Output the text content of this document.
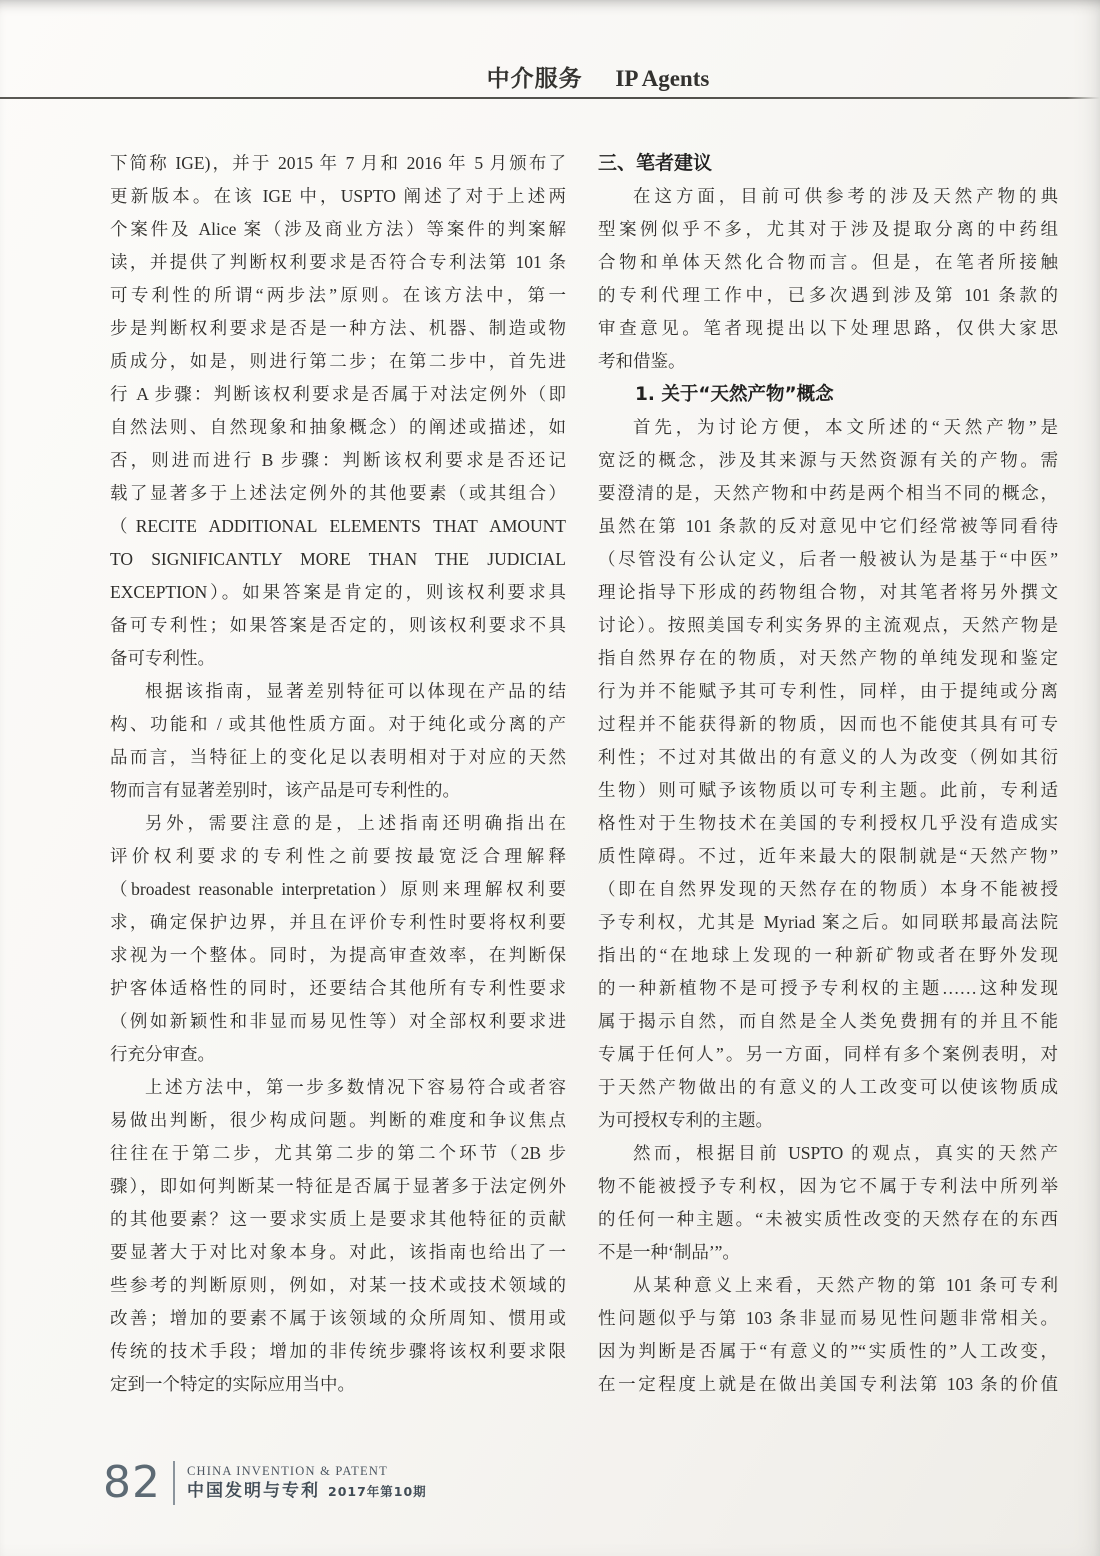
中介服务 IP Agents
下简称 IGE)，并于 2015 年 7 月和 2016 年 5 月颁布了
更新版本。在该 IGE 中，USPTO 阐述了对于上述两
个案件及 Alice 案（涉及商业方法）等案件的判案解
读，并提供了判断权利要求是否符合专利法第 101 条
可专利性的所谓“两步法”原则。在该方法中，第一
步是判断权利要求是否是一种方法、机器、制造或物
质成分，如是，则进行第二步；在第二步中，首先进
行 A 步骤：判断该权利要求是否属于对法定例外（即
自然法则、自然现象和抽象概念）的阐述或描述，如
否，则进而进行 B 步骤：判断该权利要求是否还记
载了显著多于上述法定例外的其他要素（或其组合）
（RECITE ADDITIONAL ELEMENTS THAT AMOUNT
TO SIGNIFICANTLY MORE THAN THE JUDICIAL
EXCEPTION）。如果答案是肯定的，则该权利要求具
备可专利性；如果答案是否定的，则该权利要求不具
备可专利性。
根据该指南，显著差别特征可以体现在产品的结
构、功能和 / 或其他性质方面。对于纯化或分离的产
品而言，当特征上的变化足以表明相对于对应的天然
物而言有显著差别时，该产品是可专利性的。
另外，需要注意的是，上述指南还明确指出在
评价权利要求的专利性之前要按最宽泛合理解释
（broadest reasonable interpretation）原则来理解权利要
求，确定保护边界，并且在评价专利性时要将权利要
求视为一个整体。同时，为提高审查效率，在判断保
护客体适格性的同时，还要结合其他所有专利性要求
（例如新颖性和非显而易见性等）对全部权利要求进
行充分审查。
上述方法中，第一步多数情况下容易符合或者容
易做出判断，很少构成问题。判断的难度和争议焦点
往往在于第二步，尤其第二步的第二个环节（2B 步
骤），即如何判断某一特征是否属于显著多于法定例外
的其他要素？这一要求实质上是要求其他特征的贡献
要显著大于对比对象本身。对此，该指南也给出了一
些参考的判断原则，例如，对某一技术或技术领域的
改善；增加的要素不属于该领域的众所周知、惯用或
传统的技术手段；增加的非传统步骤将该权利要求限
定到一个特定的实际应用当中。
三、笔者建议
在这方面，目前可供参考的涉及天然产物的典
型案例似乎不多，尤其对于涉及提取分离的中药组
合物和单体天然化合物而言。但是，在笔者所接触
的专利代理工作中，已多次遇到涉及第 101 条款的
审查意见。笔者现提出以下处理思路，仅供大家思
考和借鉴。
1. 关于“天然产物”概念
首先，为讨论方便，本文所述的“天然产物”是
宽泛的概念，涉及其来源与天然资源有关的产物。需
要澄清的是，天然产物和中药是两个相当不同的概念，
虽然在第 101 条款的反对意见中它们经常被等同看待
（尽管没有公认定义，后者一般被认为是基于“中医”
理论指导下形成的药物组合物，对其笔者将另外撰文
讨论）。按照美国专利实务界的主流观点，天然产物是
指自然界存在的物质，对天然产物的单纯发现和鉴定
行为并不能赋予其可专利性，同样，由于提纯或分离
过程并不能获得新的物质，因而也不能使其具有可专
利性；不过对其做出的有意义的人为改变（例如其衍
生物）则可赋予该物质以可专利主题。此前，专利适
格性对于生物技术在美国的专利授权几乎没有造成实
质性障碍。不过，近年来最大的限制就是“天然产物”
（即在自然界发现的天然存在的物质）本身不能被授
予专利权，尤其是 Myriad 案之后。如同联邦最高法院
指出的“在地球上发现的一种新矿物或者在野外发现
的一种新植物不是可授予专利权的主题……这种发现
属于揭示自然，而自然是全人类免费拥有的并且不能
专属于任何人”。另一方面，同样有多个案例表明，对
于天然产物做出的有意义的人工改变可以使该物质成
为可授权专利的主题。
然而，根据目前 USPTO 的观点，真实的天然产
物不能被授予专利权，因为它不属于专利法中所列举
的任何一种主题。“未被实质性改变的天然存在的东西
不是一种‘制品’”。
从某种意义上来看，天然产物的第 101 条可专利
性问题似乎与第 103 条非显而易见性问题非常相关。
因为判断是否属于“有意义的”“实质性的”人工改变，
在一定程度上就是在做出美国专利法第 103 条的价值
82 CHINA INVENTION & PATENT
中国发明与专利 2017年第10期
